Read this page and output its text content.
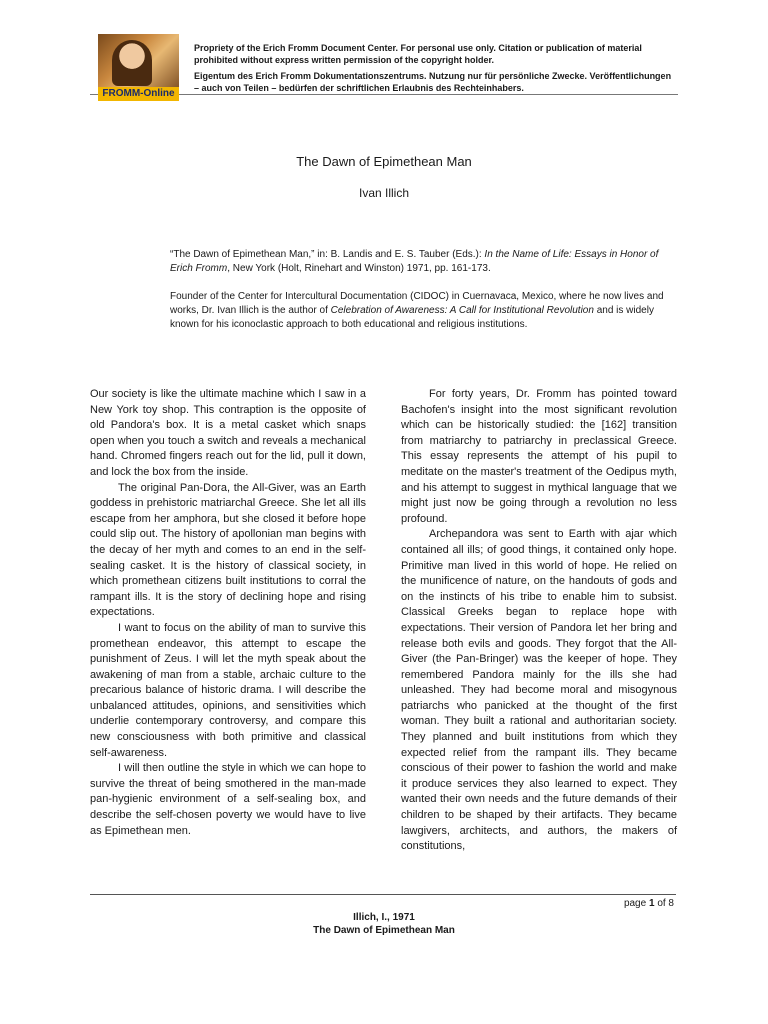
FROMM-Online
Propriety of the Erich Fromm Document Center. For personal use only. Citation or publication of material prohibited without express written permission of the copyright holder.
Eigentum des Erich Fromm Dokumentationszentrums. Nutzung nur für persönliche Zwecke. Veröffentlichungen – auch von Teilen – bedürfen der schriftlichen Erlaubnis des Rechteinhabers.
The Dawn of Epimethean Man
Ivan Illich
“The Dawn of Epimethean Man,” in: B. Landis and E. S. Tauber (Eds.): In the Name of Life: Essays in Honor of Erich Fromm, New York (Holt, Rinehart and Winston) 1971, pp. 161-173.
Founder of the Center for Intercultural Documentation (CIDOC) in Cuernavaca, Mexico, where he now lives and works, Dr. Ivan Illich is the author of Celebration of Awareness: A Call for Institutional Revolution and is widely known for his iconoclastic approach to both educational and religious institutions.

Our society is like the ultimate machine which I saw in a New York toy shop. This contraption is the opposite of old Pandora's box. It is a metal casket which snaps open when you touch a switch and reveals a mechanical hand. Chromed fingers reach out for the lid, pull it down, and lock the box from the inside.

The original Pan-Dora, the All-Giver, was an Earth goddess in prehistoric matriarchal Greece. She let all ills escape from her amphora, but she closed it before hope could slip out. The history of apollonian man begins with the decay of her myth and comes to an end in the self-sealing casket. It is the history of classical society, in which promethean citizens built institutions to corral the rampant ills. It is the story of declining hope and rising expectations.

I want to focus on the ability of man to survive this promethean endeavor, this attempt to escape the punishment of Zeus. I will let the myth speak about the awakening of man from a stable, archaic culture to the precarious balance of historic drama. I will describe the unbalanced attitudes, opinions, and sensitivities which underlie contemporary controversy, and compare this new consciousness with both primitive and classical self-awareness.

I will then outline the style in which we can hope to survive the threat of being smothered in the man-made pan-hygienic environment of a self-sealing box, and describe the self-chosen poverty we would have to live as Epimethean men.

For forty years, Dr. Fromm has pointed toward Bachofen's insight into the most significant revolution which can be historically studied: the [162] transition from matriarchy to patriarchy in preclassical Greece. This essay represents the attempt of his pupil to meditate on the master's treatment of the Oedipus myth, and his attempt to suggest in mythical language that we might just now be going through a revolution no less profound.

Archepandora was sent to Earth with ajar which contained all ills; of good things, it contained only hope. Primitive man lived in this world of hope. He relied on the munificence of nature, on the handouts of gods and on the instincts of his tribe to enable him to subsist. Classical Greeks began to replace hope with expectations. Their version of Pandora let her bring and release both evils and goods. They forgot that the All-Giver (the Pan-Bringer) was the keeper of hope. They remembered Pandora mainly for the ills she had unleashed. They had become moral and misogynous patriarchs who panicked at the thought of the first woman. They built a rational and authoritarian society. They planned and built institutions from which they expected relief from the rampant ills. They became conscious of their power to fashion the world and make it produce services they also learned to expect. They wanted their own needs and the future demands of their children to be shaped by their artifacts. They became lawgivers, architects, and authors, the makers of constitutions,

page 1 of 8
Illich, I., 1971
The Dawn of Epimethean Man
